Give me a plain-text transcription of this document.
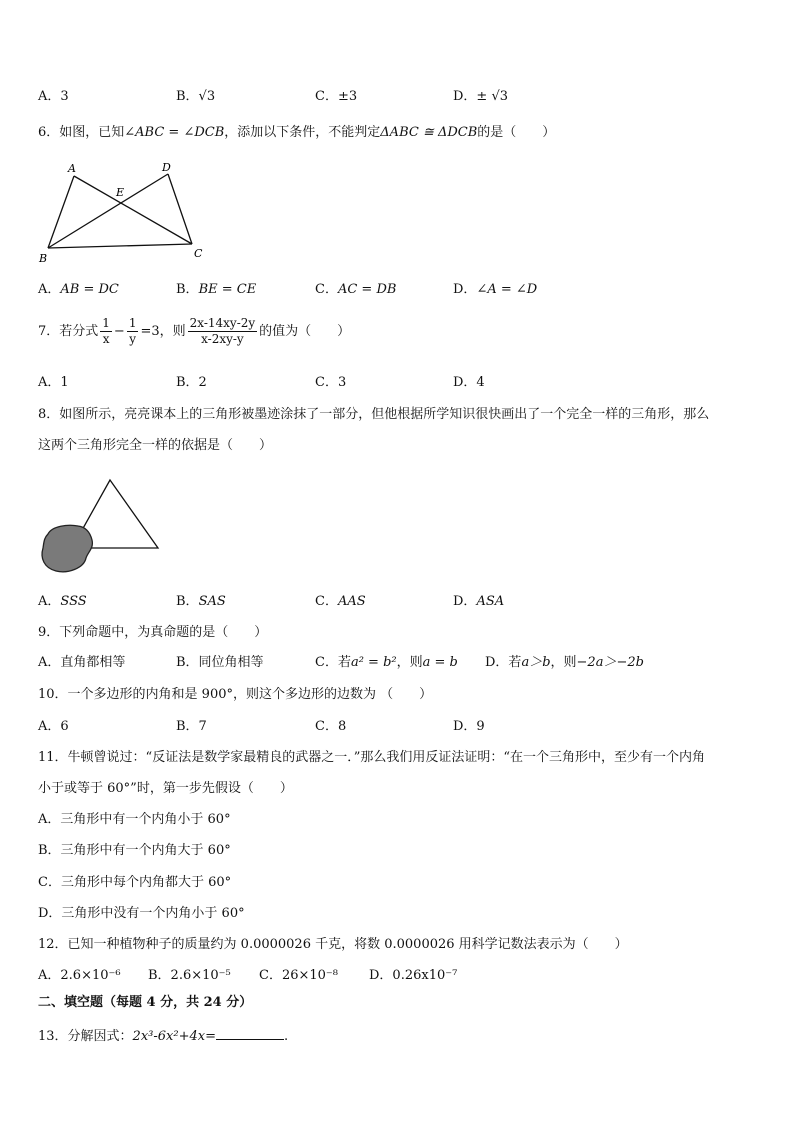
A．3	B．√3	C．±3	D．± √3
6．如图，已知∠ABC = ∠DCB，添加以下条件，不能判定ΔABC ≅ ΔDCB的是（　　）
A	D
E
B	C
A．AB = DC	B．BE = CE	C．AC = DB	D．∠A = ∠D
7．若分式 $\frac{1}{x} - \frac{1}{y} =3$，则 $\frac{2x-14xy-2y}{x-2xy-y}$ 的值为（　　）
A．1	B．2	C．3	D．4
8．如图所示，亮亮课本上的三角形被墨迹涂抹了一部分，但他根据所学知识很快画出了一个完全一样的三角形，那么
这两个三角形完全一样的依据是（　　）
A．SSS	B．SAS	C．AAS	D．ASA
9．下列命题中，为真命题的是（　　）
A．直角都相等	B．同位角相等	C．若a² = b²，则a = b D．若a＞b，则−2a＞−2b
10．一个多边形的内角和是 900°，则这个多边形的边数为 （　　）
A．6	B．7	C．8	D．9
11．牛顿曾说过：“反证法是数学家最精良的武器之一．”那么我们用反证法证明：“在一个三角形中，至少有一个内角
小于或等于 60°”时，第一步先假设（　　）
A．三角形中有一个内角小于 60°
B．三角形中有一个内角大于 60°
C．三角形中每个内角都大于 60°
D．三角形中没有一个内角小于 60°
12．已知一种植物种子的质量约为 0.0000026 千克，将数 0.0000026 用科学记数法表示为（　　）
A．2.6×10⁻⁶ B．2.6×10⁻⁵ C．26×10⁻⁸ D．0.26x10⁻⁷
二、填空题（每题 4 分，共 24 分）
13．分解因式：2x³-6x²+4x=	.
